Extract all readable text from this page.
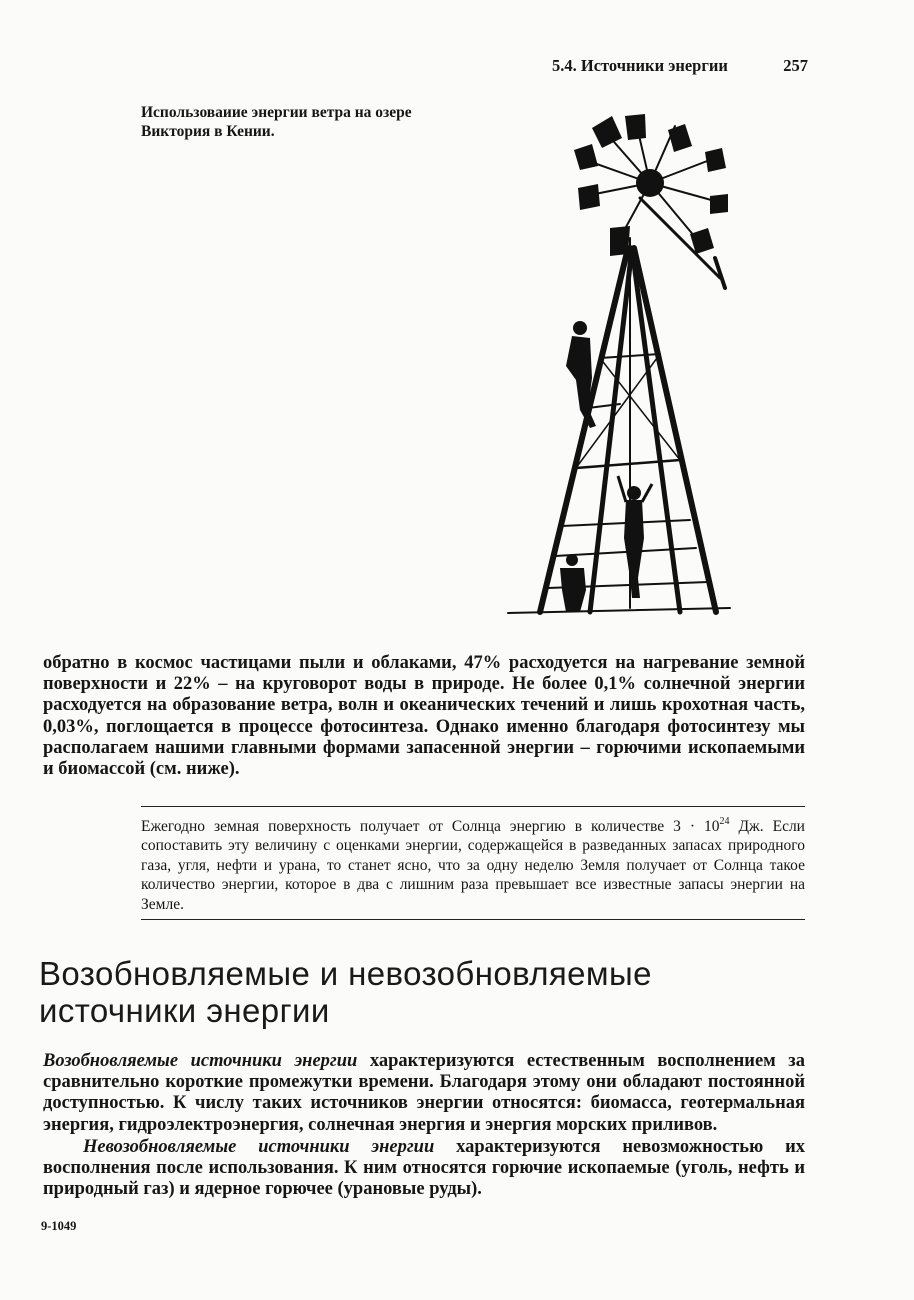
5.4. Источники энергии	257
Использоваиие энергии ветра на озере Виктория в Кении.
обратно в космос частицами пыли и облаками, 47% расходуется на нагревание земной поверхности и 22% – на круговорот воды в природе. Не более 0,1% солнечной энергии расходуется на образование ветра, волн и океанических течений и лишь крохотная часть, 0,03%, поглощается в процессе фотосинтеза. Однако именно благодаря фотосинтезу мы располагаем нашими главными формами запасенной энергии – горючими ископаемыми и биомассой (см. ниже).
Ежегодно земная поверхность получает от Солнца энергию в количестве $3 \cdot 10^{24}$ Дж. Если сопоставить эту величину с оценками энергии, содержащейся в разведанных запасах природного газа, угля, нефти и урана, то станет ясно, что за одну неделю Земля получает от Солнца такое количество энергии, которое в два с лишним раза превышает все известные запасы энергии на Земле.
Возобновляемые и невозобновляемые источники энергии
Возобновляемые источники энергии характеризуются естественным восполнением за сравнительно короткие промежутки времени. Благодаря этому они обладают постоянной доступностью. К числу таких источников энергии относятся: биомасса, геотермальная энергия, гидроэлектроэнергия, солнечная энергия и энергия морских приливов.
Невозобновляемые источники энергии характеризуются невозможностью их восполнения после использования. К ним относятся горючие ископаемые (уголь, нефть и природный газ) и ядерное горючее (урановые руды).
9-1049
